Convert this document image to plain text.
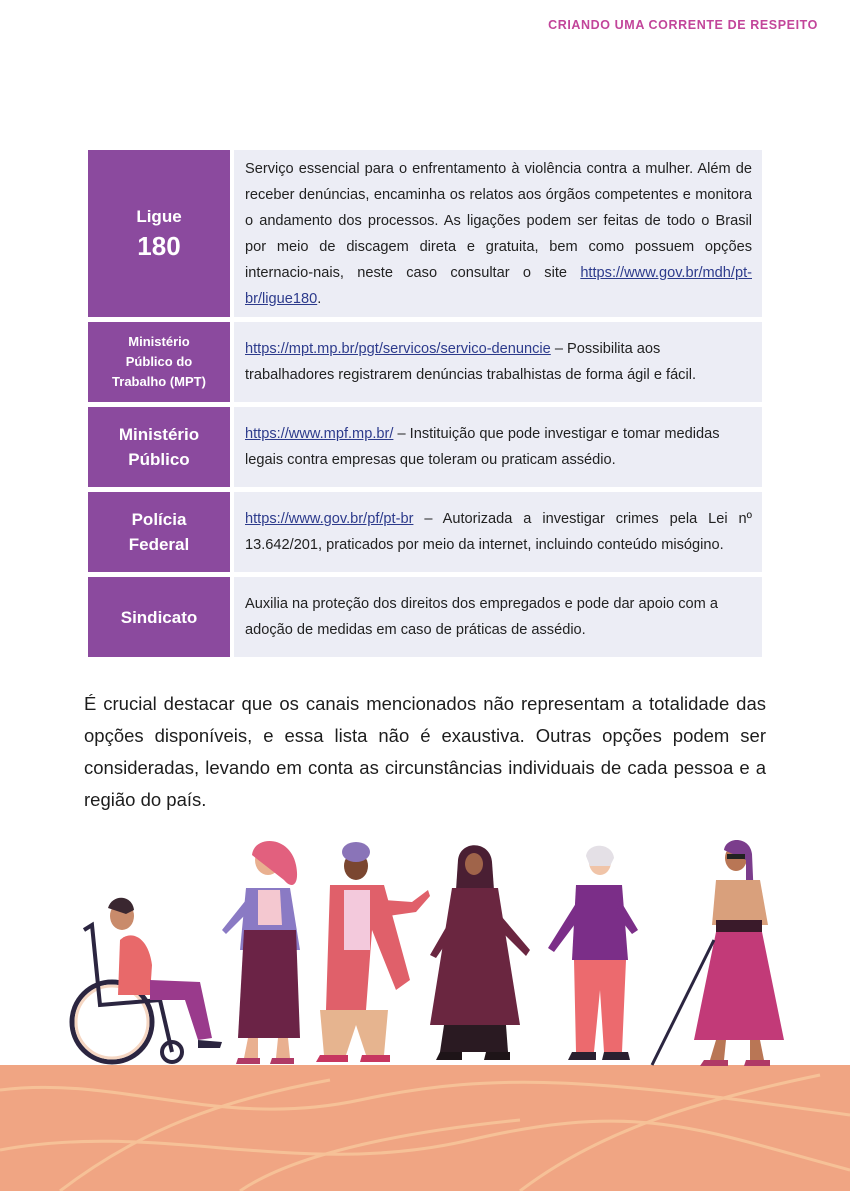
CRIANDO UMA CORRENTE DE RESPEITO
Ligue
180
Serviço essencial para o enfrentamento à violência contra a mulher. Além de receber denúncias, encaminha os relatos aos órgãos competentes e monitora o andamento dos processos. As ligações podem ser feitas de todo o Brasil por meio de discagem direta e gratuita, bem como possuem opções internacio-nais, neste caso consultar o site https://www.gov.br/mdh/pt-br/ligue180.
Ministério
Público do
Trabalho (MPT)
https://mpt.mp.br/pgt/servicos/servico-denuncie – Possibilita aos trabalhadores registrarem denúncias trabalhistas de forma ágil e fácil.
Ministério
Público
https://www.mpf.mp.br/ – Instituição que pode investigar e tomar medidas legais contra empresas que toleram ou praticam assédio.
Polícia
Federal
https://www.gov.br/pf/pt-br – Autorizada a investigar crimes pela Lei nº 13.642/201, praticados por meio da internet, incluindo conteúdo misógino.
Sindicato
Auxilia na proteção dos direitos dos empregados e pode dar apoio com a adoção de medidas em caso de práticas de assédio.
É crucial destacar que os canais mencionados não representam a totalidade das opções disponíveis, e essa lista não é exaustiva. Outras opções podem ser consideradas, levando em conta as circunstâncias individuais de cada pessoa e a região do país.
